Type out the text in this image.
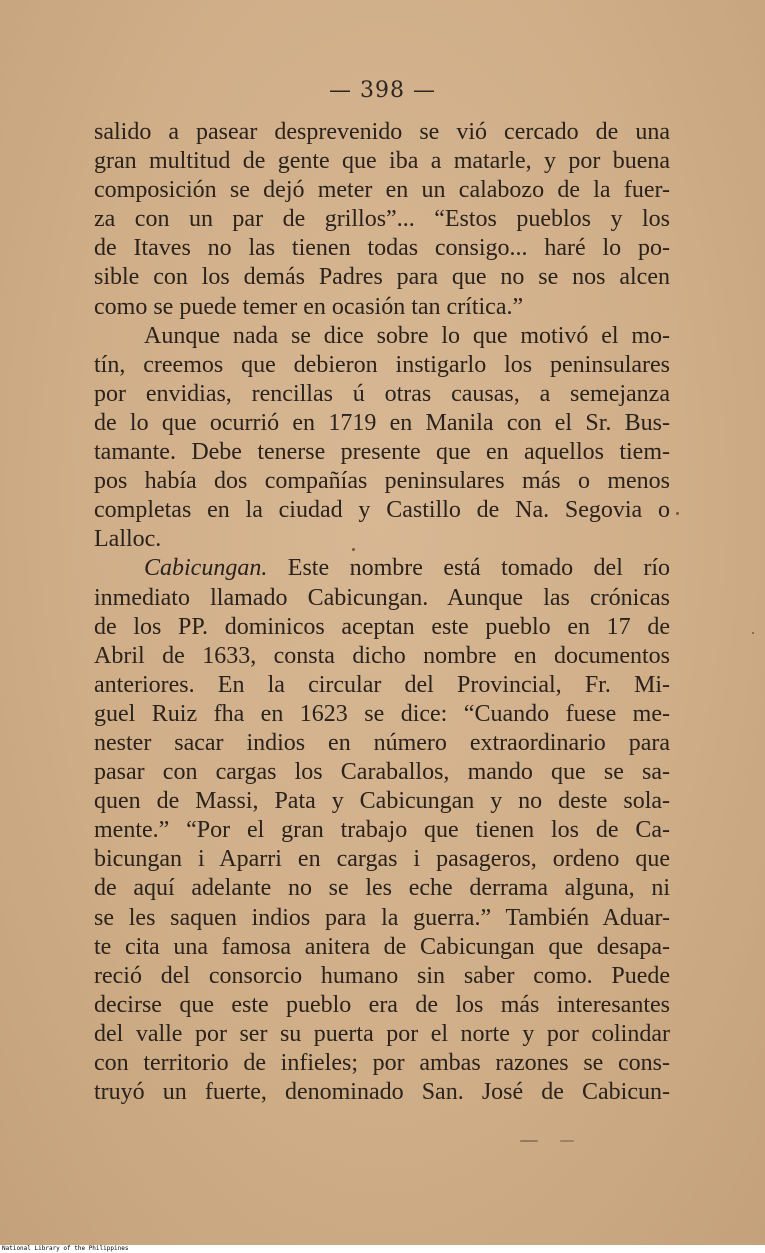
— 398 —
salido a pasear desprevenido se vió cercado de una
gran multitud de gente que iba a matarle, y por buena
composición se dejó meter en un calabozo de la fuer-
za con un par de grillos”... “Estos pueblos y los
de Itaves no las tienen todas consigo... haré lo po-
sible con los demás Padres para que no se nos alcen
como se puede temer en ocasión tan crítica.”
Aunque nada se dice sobre lo que motivó el mo-
tín, creemos que debieron instigarlo los peninsulares
por envidias, rencillas ú otras causas, a semejanza
de lo que ocurrió en 1719 en Manila con el Sr. Bus-
tamante. Debe tenerse presente que en aquellos tiem-
pos había dos compañías peninsulares más o menos
completas en la ciudad y Castillo de Na. Segovia o
Lalloc.
Cabicungan. Este nombre está tomado del río
inmediato llamado Cabicungan. Aunque las crónicas
de los PP. dominicos aceptan este pueblo en 17 de
Abril de 1633, consta dicho nombre en documentos
anteriores. En la circular del Provincial, Fr. Mi-
guel Ruiz fha en 1623 se dice: “Cuando fuese me-
nester sacar indios en número extraordinario para
pasar con cargas los Caraballos, mando que se sa-
quen de Massi, Pata y Cabicungan y no deste sola-
mente.” “Por el gran trabajo que tienen los de Ca-
bicungan i Aparri en cargas i pasageros, ordeno que
de aquí adelante no se les eche derrama alguna, ni
se les saquen indios para la guerra.” También Aduar-
te cita una famosa anitera de Cabicungan que desapa-
reció del consorcio humano sin saber como. Puede
decirse que este pueblo era de los más interesantes
del valle por ser su puerta por el norte y por colindar
con territorio de infieles; por ambas razones se cons-
truyó un fuerte, denominado San. José de Cabicun-
National Library of the Philippines
